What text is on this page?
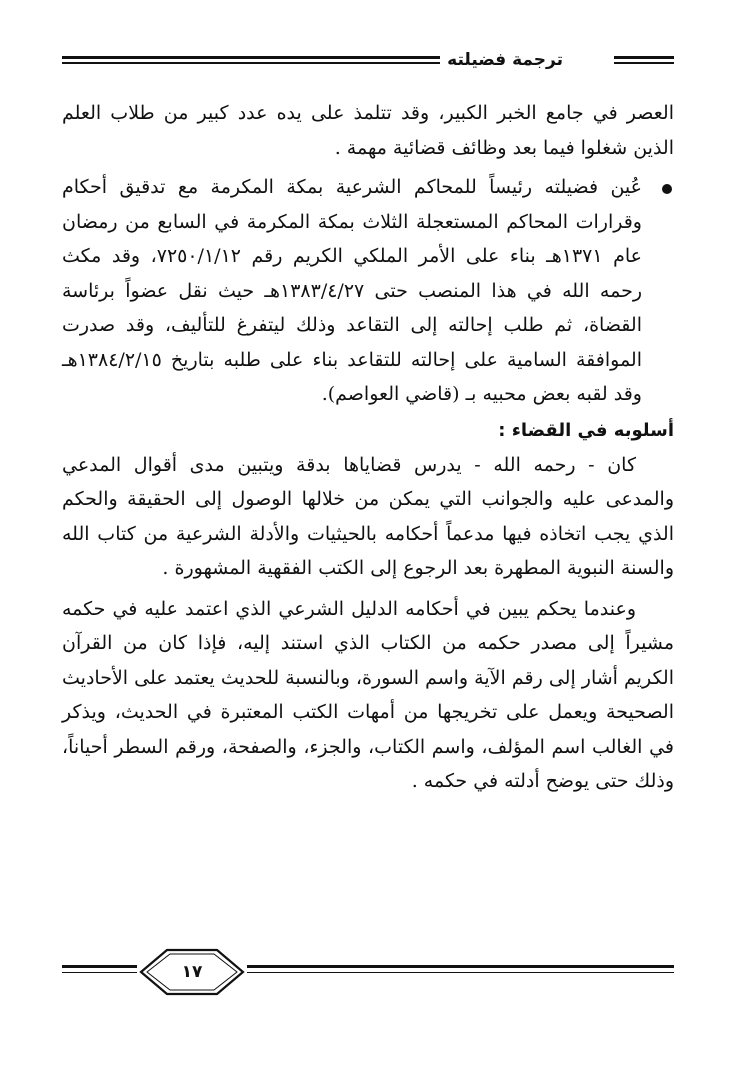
ترجمة فضيلته

العصر في جامع الخبر الكبير، وقد تتلمذ على يده عدد كبير من طلاب العلم الذين شغلوا فيما بعد وظائف قضائية مهمة .

عُين فضيلته رئيساً للمحاكم الشرعية بمكة المكرمة مع تدقيق أحكام وقرارات المحاكم المستعجلة الثلاث بمكة المكرمة في السابع من رمضان عام ١٣٧١هـ بناء على الأمر الملكي الكريم رقم ٧٢٥٠/١/١٢، وقد مكث رحمه الله في هذا المنصب حتى ١٣٨٣/٤/٢٧هـ حيث نقل عضواً برئاسة القضاة، ثم طلب إحالته إلى التقاعد وذلك ليتفرغ للتأليف، وقد صدرت الموافقة السامية على إحالته للتقاعد بناء على طلبه بتاريخ ١٣٨٤/٢/١٥هـ وقد لقبه بعض محبيه بـ (قاضي العواصم).

أسلوبه في القضاء :

كان - رحمه الله - يدرس قضاياها بدقة ويتبين مدى أقوال المدعي والمدعى عليه والجوانب التي يمكن من خلالها الوصول إلى الحقيقة والحكم الذي يجب اتخاذه فيها مدعماً أحكامه بالحيثيات والأدلة الشرعية من كتاب الله والسنة النبوية المطهرة بعد الرجوع إلى الكتب الفقهية المشهورة .

وعندما يحكم يبين في أحكامه الدليل الشرعي الذي اعتمد عليه في حكمه مشيراً إلى مصدر حكمه من الكتاب الذي استند إليه، فإذا كان من القرآن الكريم أشار إلى رقم الآية واسم السورة، وبالنسبة للحديث يعتمد على الأحاديث الصحيحة ويعمل على تخريجها من أمهات الكتب المعتبرة في الحديث، ويذكر في الغالب اسم المؤلف، واسم الكتاب، والجزء، والصفحة، ورقم السطر أحياناً، وذلك حتى يوضح أدلته في حكمه .

١٧
